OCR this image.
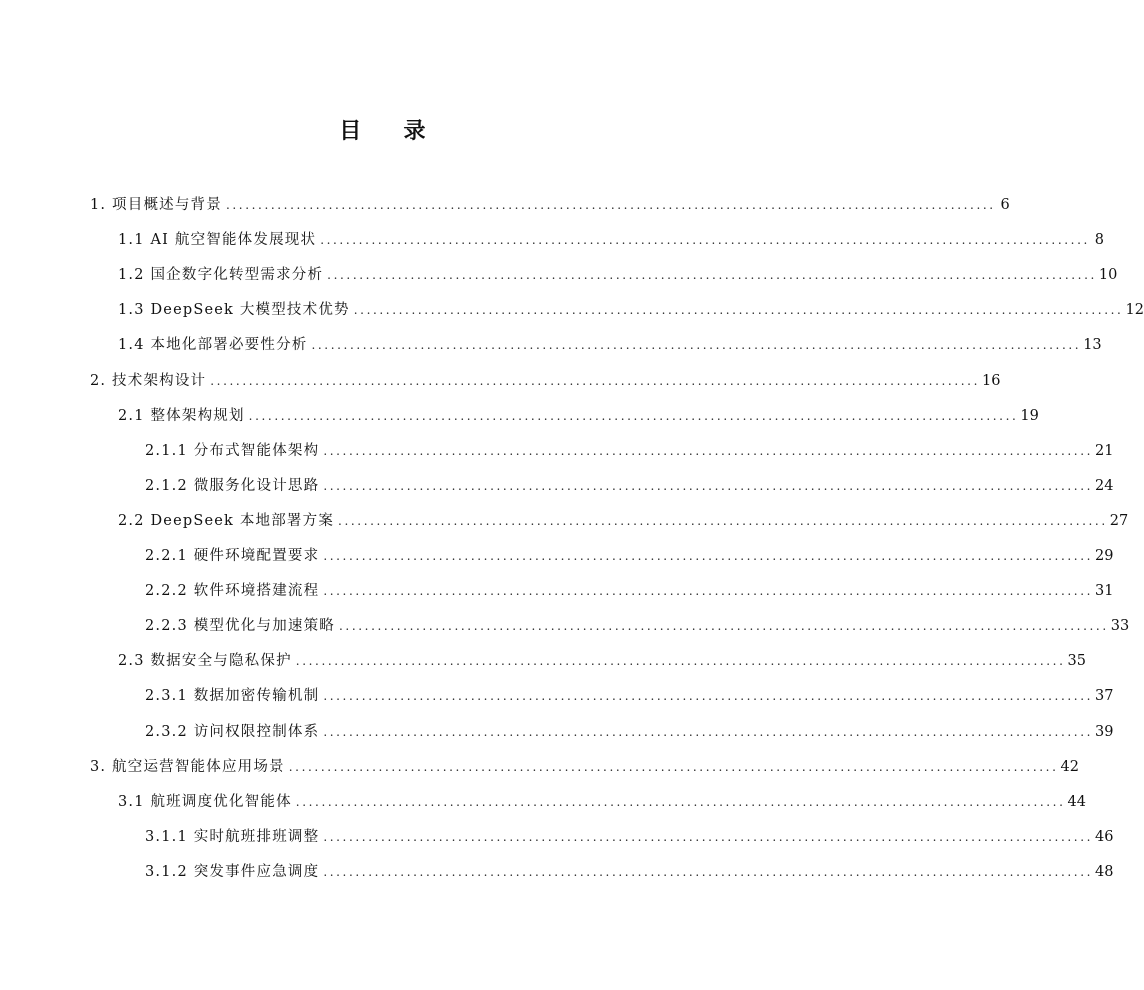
目 录
1. 项目概述与背景 ........................................................................................................................ 6
1.1 AI 航空智能体发展现状 ........................................................................................................................ 8
1.2 国企数字化转型需求分析 ........................................................................................................................ 10
1.3 DeepSeek 大模型技术优势 ........................................................................................................................ 12
1.4 本地化部署必要性分析 ........................................................................................................................ 13
2. 技术架构设计 ........................................................................................................................ 16
2.1 整体架构规划 ........................................................................................................................ 19
2.1.1 分布式智能体架构 ........................................................................................................................ 21
2.1.2 微服务化设计思路 ........................................................................................................................ 24
2.2 DeepSeek 本地部署方案 ........................................................................................................................ 27
2.2.1 硬件环境配置要求 ........................................................................................................................ 29
2.2.2 软件环境搭建流程 ........................................................................................................................ 31
2.2.3 模型优化与加速策略 ........................................................................................................................ 33
2.3 数据安全与隐私保护 ........................................................................................................................ 35
2.3.1 数据加密传输机制 ........................................................................................................................ 37
2.3.2 访问权限控制体系 ........................................................................................................................ 39
3. 航空运营智能体应用场景 ........................................................................................................................ 42
3.1 航班调度优化智能体 ........................................................................................................................ 44
3.1.1 实时航班排班调整 ........................................................................................................................ 46
3.1.2 突发事件应急调度 ........................................................................................................................ 48
